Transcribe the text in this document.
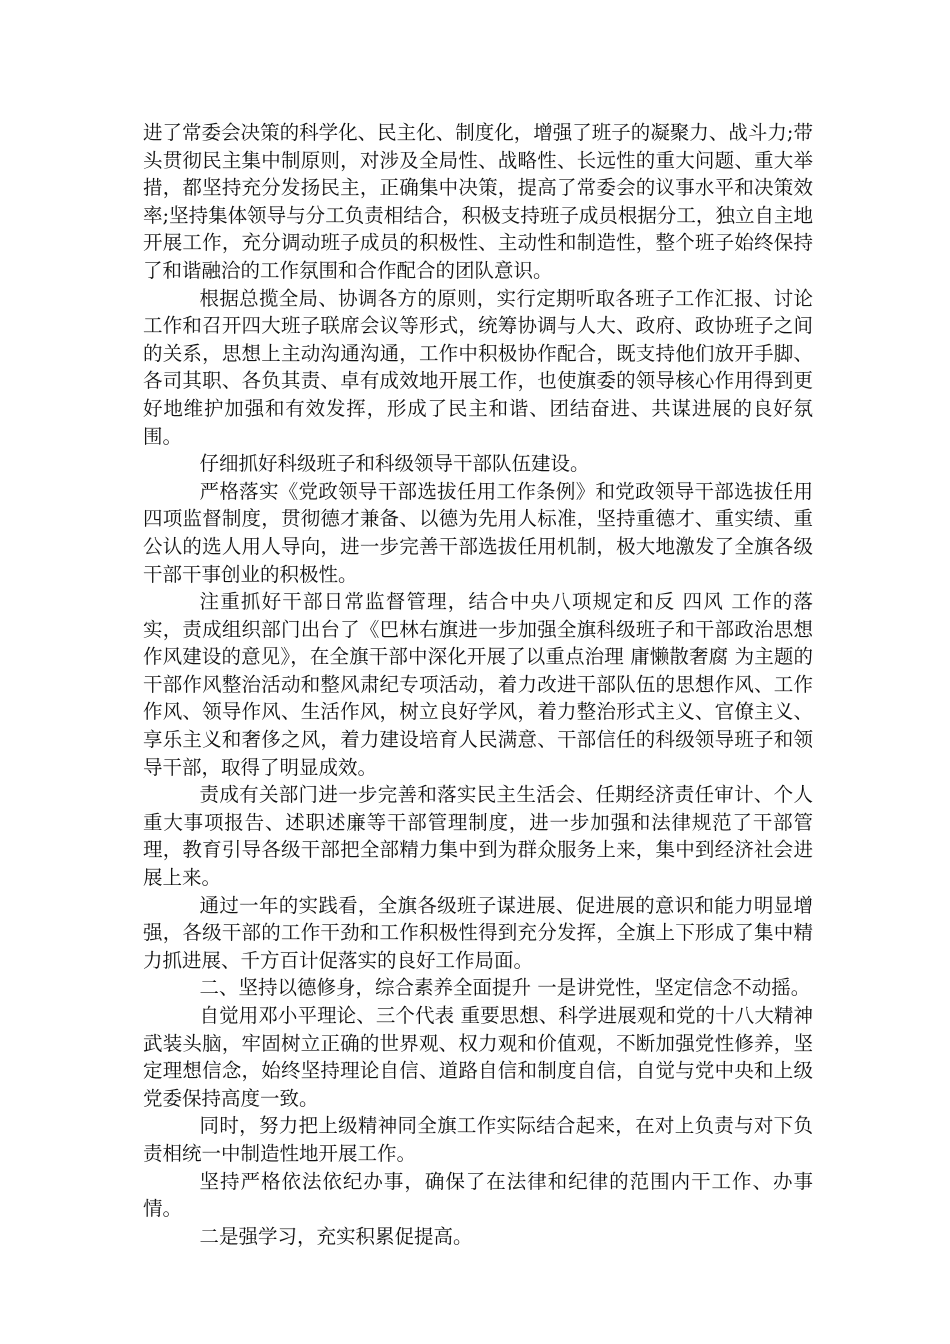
进了常委会决策的科学化、民主化、制度化，增强了班子的凝聚力、战斗力;带头贯彻民主集中制原则，对涉及全局性、战略性、长远性的重大问题、重大举措，都坚持充分发扬民主，正确集中决策，提高了常委会的议事水平和决策效率;坚持集体领导与分工负责相结合，积极支持班子成员根据分工，独立自主地开展工作，充分调动班子成员的积极性、主动性和制造性，整个班子始终保持了和谐融洽的工作氛围和合作配合的团队意识。

根据总揽全局、协调各方的原则，实行定期听取各班子工作汇报、讨论工作和召开四大班子联席会议等形式，统筹协调与人大、政府、政协班子之间的关系，思想上主动沟通沟通，工作中积极协作配合，既支持他们放开手脚、各司其职、各负其责、卓有成效地开展工作，也使旗委的领导核心作用得到更好地维护加强和有效发挥，形成了民主和谐、团结奋进、共谋进展的良好氛围。

仔细抓好科级班子和科级领导干部队伍建设。

严格落实《党政领导干部选拔任用工作条例》和党政领导干部选拔任用四项监督制度，贯彻德才兼备、以德为先用人标准，坚持重德才、重实绩、重公认的选人用人导向，进一步完善干部选拔任用机制，极大地激发了全旗各级干部干事创业的积极性。

注重抓好干部日常监督管理，结合中央八项规定和反 四风 工作的落实，责成组织部门出台了《巴林右旗进一步加强全旗科级班子和干部政治思想作风建设的意见》，在全旗干部中深化开展了以重点治理 庸懒散奢腐 为主题的干部作风整治活动和整风肃纪专项活动，着力改进干部队伍的思想作风、工作作风、领导作风、生活作风，树立良好学风，着力整治形式主义、官僚主义、享乐主义和奢侈之风，着力建设培育人民满意、干部信任的科级领导班子和领导干部，取得了明显成效。

责成有关部门进一步完善和落实民主生活会、任期经济责任审计、个人重大事项报告、述职述廉等干部管理制度，进一步加强和法律规范了干部管理，教育引导各级干部把全部精力集中到为群众服务上来，集中到经济社会进展上来。

通过一年的实践看，全旗各级班子谋进展、促进展的意识和能力明显增强，各级干部的工作干劲和工作积极性得到充分发挥，全旗上下形成了集中精力抓进展、千方百计促落实的良好工作局面。

二、坚持以德修身，综合素养全面提升 一是讲党性，坚定信念不动摇。

自觉用邓小平理论、三个代表 重要思想、科学进展观和党的十八大精神武装头脑，牢固树立正确的世界观、权力观和价值观，不断加强党性修养，坚定理想信念，始终坚持理论自信、道路自信和制度自信，自觉与党中央和上级党委保持高度一致。

同时，努力把上级精神同全旗工作实际结合起来，在对上负责与对下负责相统一中制造性地开展工作。

坚持严格依法依纪办事，确保了在法律和纪律的范围内干工作、办事情。

二是强学习，充实积累促提高。
